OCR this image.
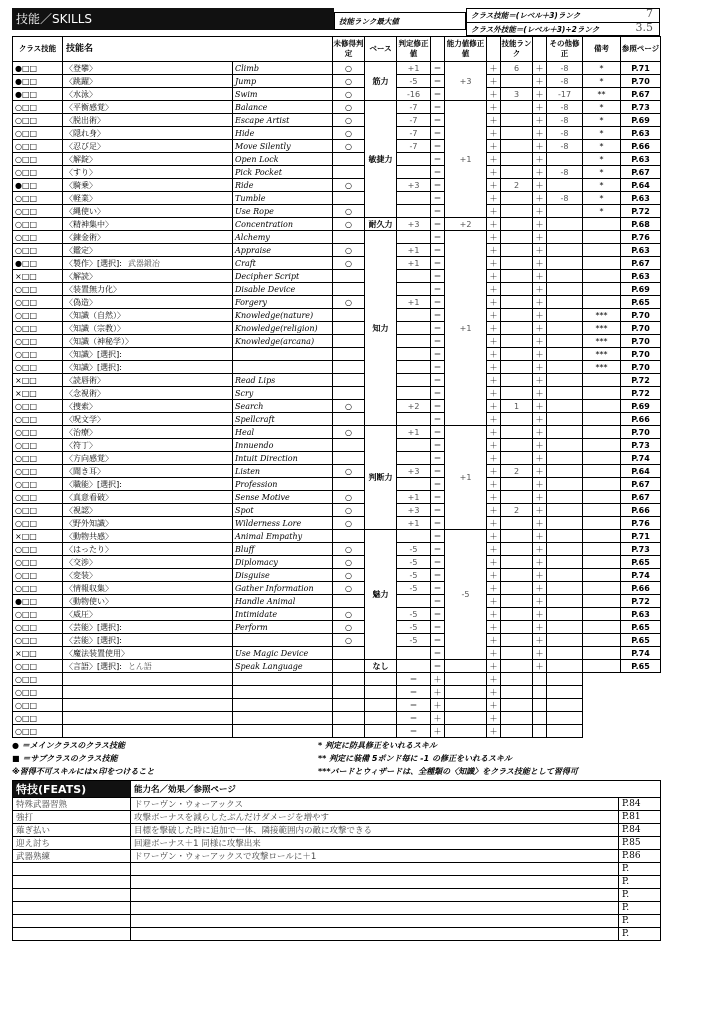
技能／SKILLS	技能ランク最大値
クラス技能＝(レベル＋3)ランク	7
クラス外技能＝(レベル＋3)÷2ランク	3.5
クラス技能	技能名		未修得判定	ベース	判定修正値		能力値修正値		技能ランク		その他修正	備考	参照ページ
●□□	〈登攀〉	Climb	○	筋力	+1	＝	+3	＋	6	＋	-8	*	P.71
●□□	〈跳躍〉	Jump	○		-5	＝		＋		＋	-8	*	P.70
●□□	〈水泳〉	Swim	○		-16	＝		＋	3	＋	-17	**	P.67
○□□	〈平衡感覚〉	Balance	○	敏捷力	-7	＝	+1	＋		＋	-8	*	P.73
○□□	〈脱出術〉	Escape Artist	○		-7	＝		＋		＋	-8	*	P.69
○□□	〈隠れ身〉	Hide	○		-7	＝		＋		＋	-8	*	P.63
○□□	〈忍び足〉	Move Silently	○		-7	＝		＋		＋	-8	*	P.66
○□□	〈解錠〉	Open Lock				＝		＋		＋		*	P.63
○□□	〈すり〉	Pick Pocket				＝		＋		＋	-8	*	P.67
●□□	〈騎乗〉	Ride	○		+3	＝		＋	2	＋		*	P.64
○□□	〈軽業〉	Tumble				＝		＋		＋	-8	*	P.63
○□□	〈縄使い〉	Use Rope	○			＝		＋		＋		*	P.72
○□□	〈精神集中〉	Concentration	○	耐久力	+3	＝	+2	＋		＋			P.68
○□□	〈錬金術〉	Alchemy		知力		＝	+1	＋		＋			P.76
○□□	〈鑑定〉	Appraise	○		+1	＝		＋		＋			P.63
●□□	〈製作〉[選択]: 武器鍛冶	Craft	○		+1	＝		＋		＋			P.67
×□□	〈解読〉	Decipher Script				＝		＋		＋			P.63
○□□	〈装置無力化〉	Disable Device				＝		＋		＋			P.69
○□□	〈偽造〉	Forgery	○		+1	＝		＋		＋			P.65
○□□	〈知識（自然）〉	Knowledge(nature)				＝		＋		＋		***	P.70
○□□	〈知識（宗教）〉	Knowledge(religion)				＝		＋		＋		***	P.70
○□□	〈知識（神秘学）〉	Knowledge(arcana)				＝		＋		＋		***	P.70
○□□	〈知識〉[選択]:					＝		＋		＋		***	P.70
○□□	〈知識〉[選択]:					＝		＋		＋		***	P.70
×□□	〈読唇術〉	Read Lips				＝		＋		＋			P.72
×□□	〈念視術〉	Scry				＝		＋		＋			P.72
○□□	〈捜索〉	Search	○		+2	＝		＋	1	＋			P.69
○□□	〈呪文学〉	Spellcraft				＝		＋		＋			P.66
○□□	〈治療〉	Heal	○	判断力	+1	＝	+1	＋		＋			P.70
○□□	〈符丁〉	Innuendo				＝		＋		＋			P.73
○□□	〈方向感覚〉	Intuit Direction				＝		＋		＋			P.74
○□□	〈聞き耳〉	Listen	○		+3	＝		＋	2	＋			P.64
○□□	〈職能〉[選択]:	Profession				＝		＋		＋			P.67
○□□	〈真意看破〉	Sense Motive	○		+1	＝		＋		＋			P.67
○□□	〈視認〉	Spot	○		+3	＝		＋	2	＋			P.66
○□□	〈野外知識〉	Wilderness Lore	○		+1	＝		＋		＋			P.76
×□□	〈動物共感〉	Animal Empathy		魅力		＝	-5	＋		＋			P.71
○□□	〈はったり〉	Bluff	○		-5	＝		＋		＋			P.73
○□□	〈交渉〉	Diplomacy	○		-5	＝		＋		＋			P.65
○□□	〈変装〉	Disguise	○		-5	＝		＋		＋			P.74
○□□	〈情報収集〉	Gather Information	○		-5	＝		＋		＋			P.66
●□□	〈動物使い〉	Handle Animal				＝		＋		＋			P.72
○□□	〈威圧〉	Intimidate	○		-5	＝		＋		＋			P.63
○□□	〈芸能〉[選択]:	Perform	○		-5	＝		＋		＋			P.65
○□□	〈芸能〉[選択]:		○		-5	＝		＋		＋			P.65
×□□	〈魔法装置使用〉	Use Magic Device				＝		＋		＋			P.74
○□□	〈言語〉[選択]: とん語	Speak Language		なし		＝		＋		＋			P.65
○□□					＝	＋		＋					
○□□					＝	＋		＋					
○□□					＝	＋		＋					
○□□					＝	＋		＋					
○□□					＝	＋		＋					
● ＝メインクラスのクラス技能
■ ＝サブクラスのクラス技能
※習得不可スキルには×印をつけること
* 判定に防具修正をいれるスキル
** 判定に装備 5ポンド毎に -1 の修正をいれるスキル
***バードとウィザードは、全種類の〈知識〉をクラス技能として習得可
特技(FEATS)	能力名／効果／参照ページ	
特殊武器習熟	ドワーヴン・ウォーアックス	P.84
強打	攻撃ボーナスを減らしたぶんだけダメージを増やす	P.81
薙ぎ払い	目標を撃破した時に追加で一体、隣接範囲内の敵に攻撃できる	P.84
迎え討ち	回避ボーナス＋1 同様に攻撃出来	P.85
武器熟練	ドワーヴン・ウォーアックスで攻撃ロールに＋1	P.86
		P.
		P.
		P.
		P.
		P.
		P.
